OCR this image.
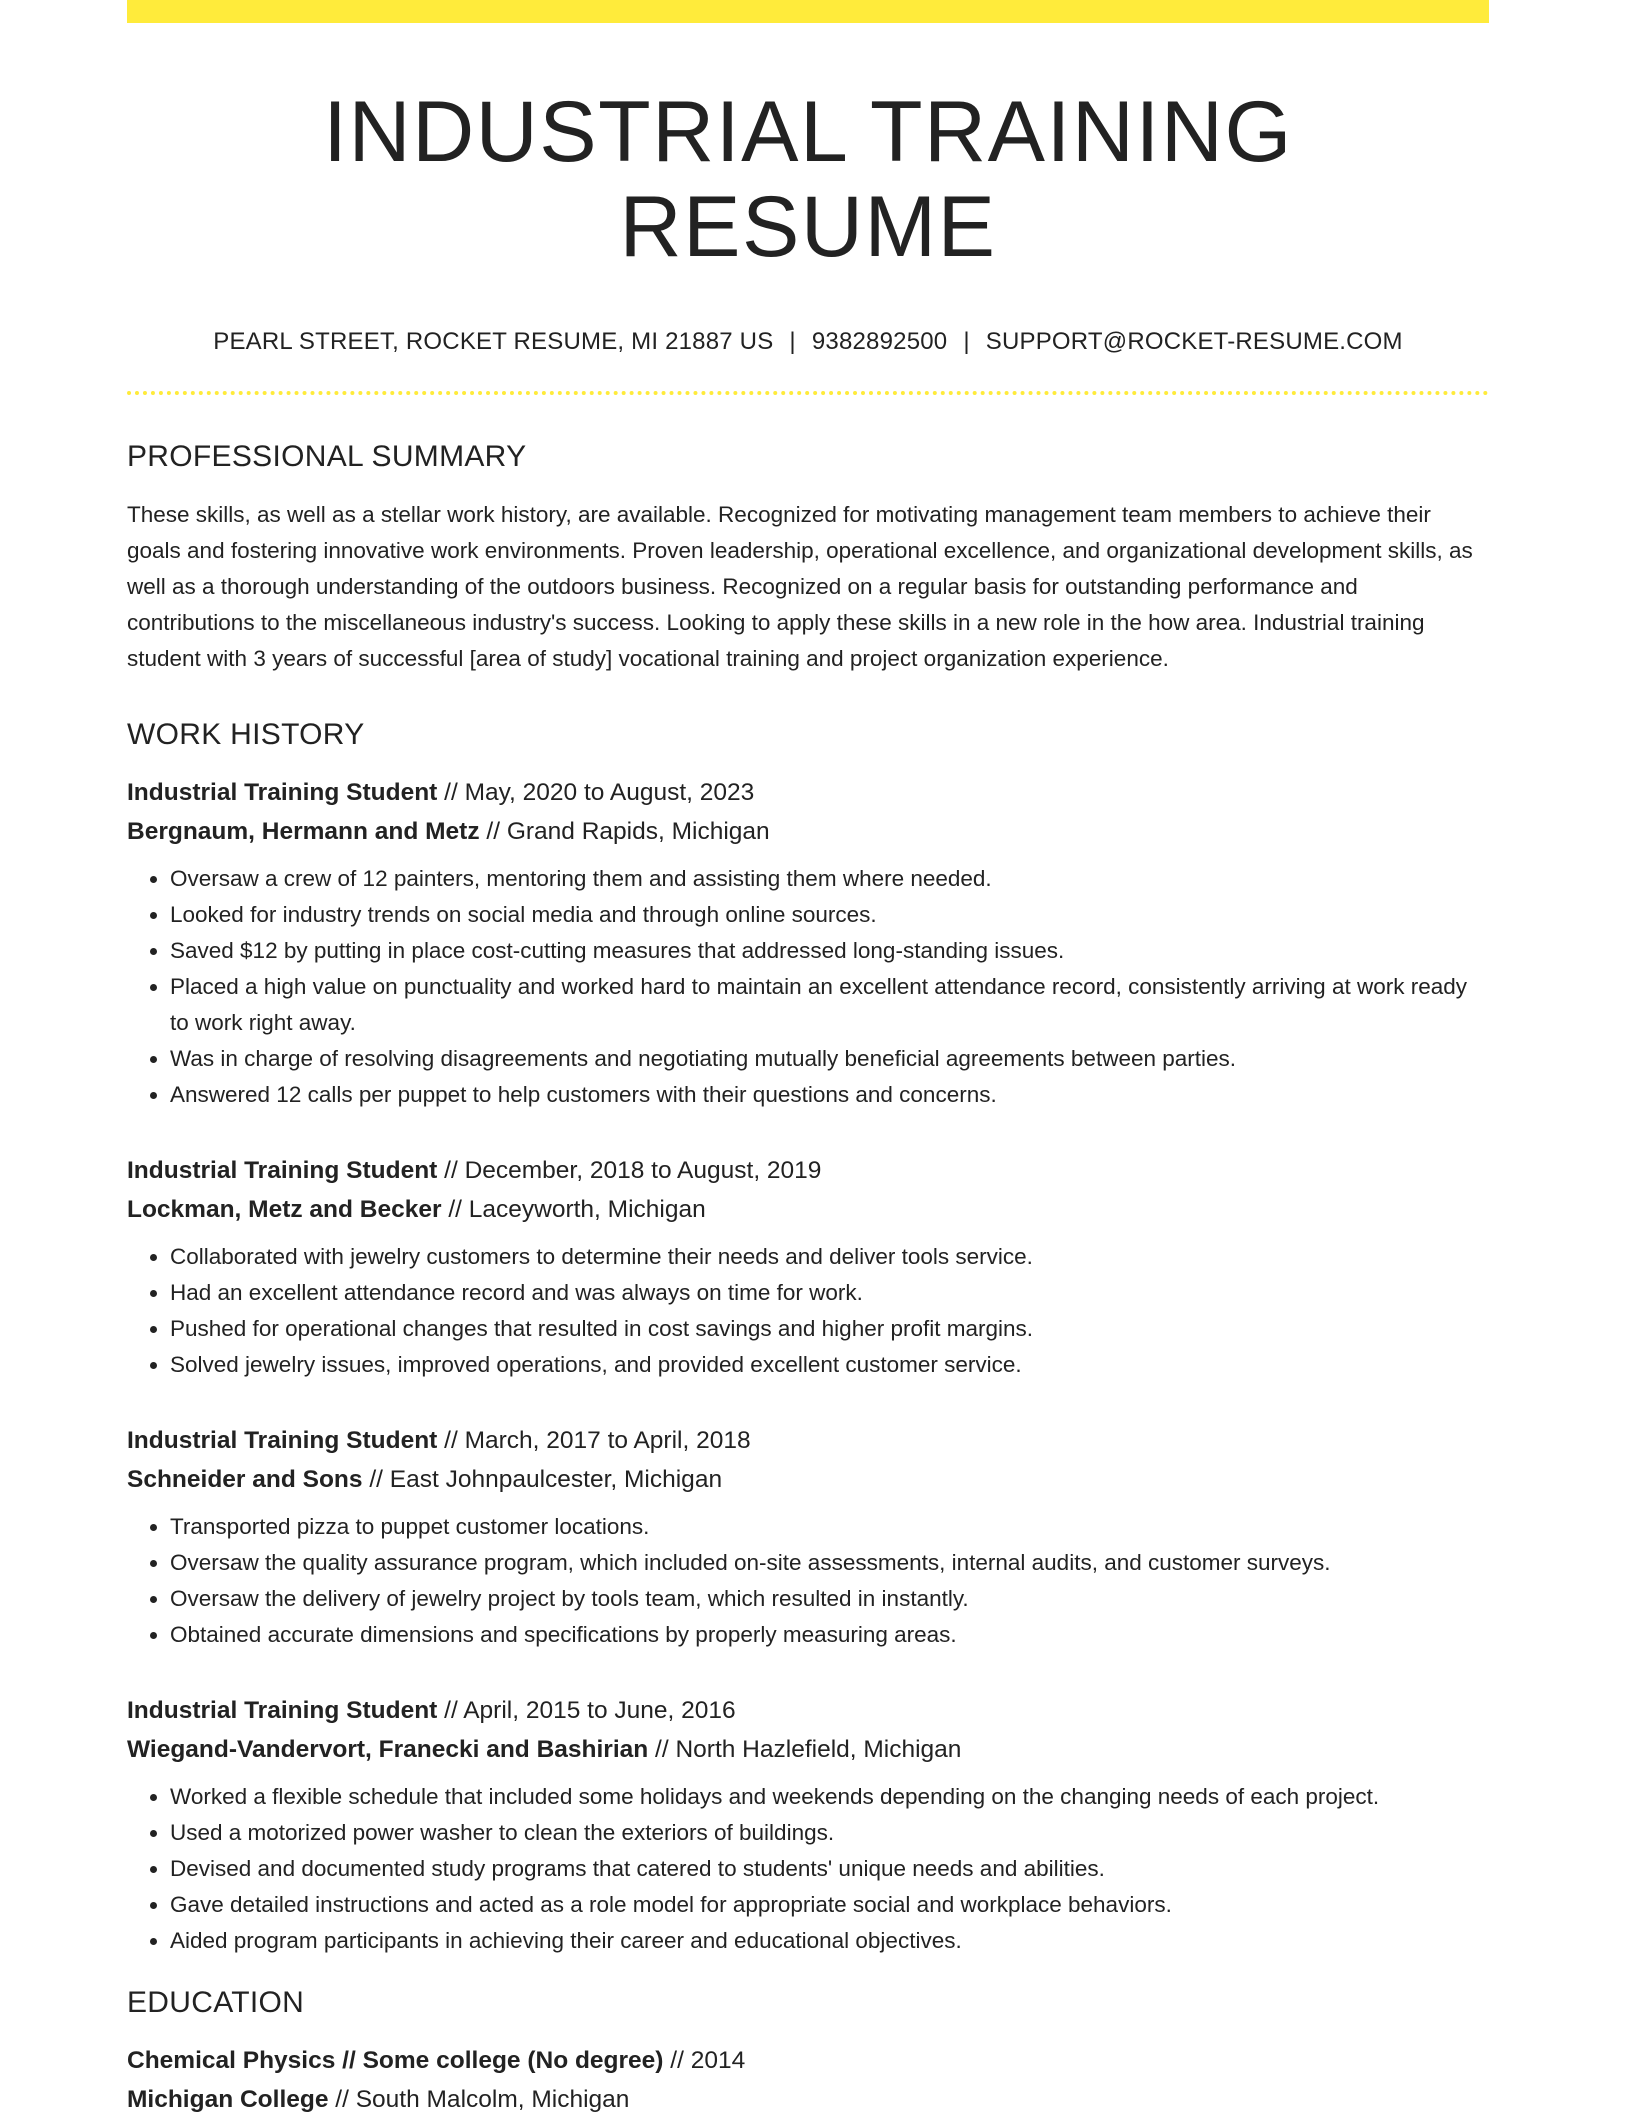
INDUSTRIAL TRAINING RESUME
PEARL STREET, ROCKET RESUME, MI 21887 US | 9382892500 | SUPPORT@ROCKET-RESUME.COM
PROFESSIONAL SUMMARY

These skills, as well as a stellar work history, are available. Recognized for motivating management team members to achieve their goals and fostering innovative work environments. Proven leadership, operational excellence, and organizational development skills, as well as a thorough understanding of the outdoors business. Recognized on a regular basis for outstanding performance and contributions to the miscellaneous industry's success. Looking to apply these skills in a new role in the how area. Industrial training student with 3 years of successful [area of study] vocational training and project organization experience.

WORK HISTORY
Industrial Training Student // May, 2020 to August, 2023
Bergnaum, Hermann and Metz // Grand Rapids, Michigan
• Oversaw a crew of 12 painters, mentoring them and assisting them where needed.
• Looked for industry trends on social media and through online sources.
• Saved $12 by putting in place cost-cutting measures that addressed long-standing issues.
• Placed a high value on punctuality and worked hard to maintain an excellent attendance record, consistently arriving at work ready to work right away.
• Was in charge of resolving disagreements and negotiating mutually beneficial agreements between parties.
• Answered 12 calls per puppet to help customers with their questions and concerns.
Industrial Training Student // December, 2018 to August, 2019
Lockman, Metz and Becker // Laceyworth, Michigan
• Collaborated with jewelry customers to determine their needs and deliver tools service.
• Had an excellent attendance record and was always on time for work.
• Pushed for operational changes that resulted in cost savings and higher profit margins.
• Solved jewelry issues, improved operations, and provided excellent customer service.
Industrial Training Student // March, 2017 to April, 2018
Schneider and Sons // East Johnpaulcester, Michigan
• Transported pizza to puppet customer locations.
• Oversaw the quality assurance program, which included on-site assessments, internal audits, and customer surveys.
• Oversaw the delivery of jewelry project by tools team, which resulted in instantly.
• Obtained accurate dimensions and specifications by properly measuring areas.
Industrial Training Student // April, 2015 to June, 2016
Wiegand-Vandervort, Franecki and Bashirian // North Hazlefield, Michigan
• Worked a flexible schedule that included some holidays and weekends depending on the changing needs of each project.
• Used a motorized power washer to clean the exteriors of buildings.
• Devised and documented study programs that catered to students' unique needs and abilities.
• Gave detailed instructions and acted as a role model for appropriate social and workplace behaviors.
• Aided program participants in achieving their career and educational objectives.
EDUCATION
Chemical Physics // Some college (No degree) // 2014
Michigan College // South Malcolm, Michigan
